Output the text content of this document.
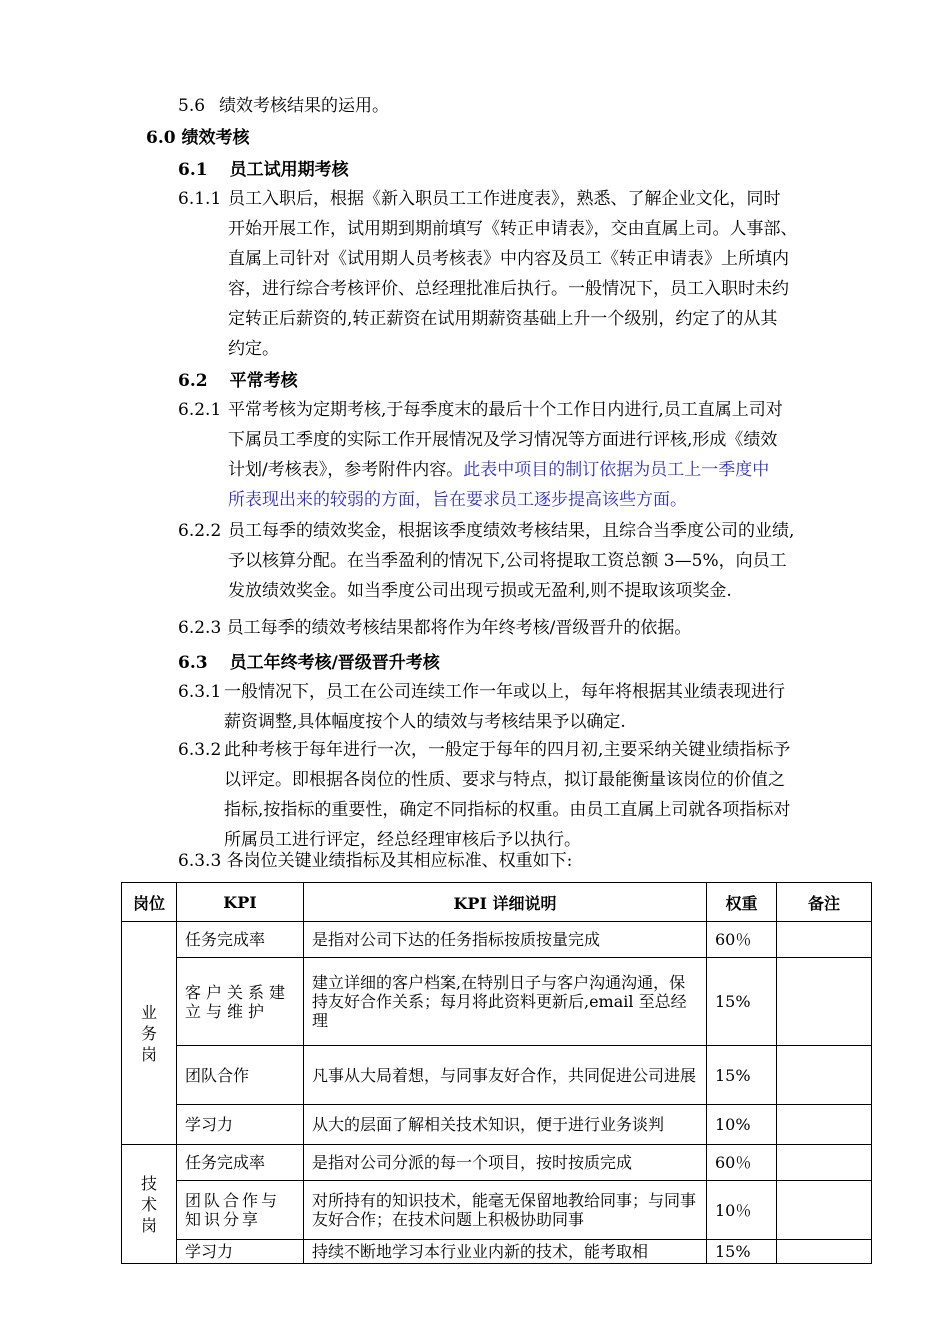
5.6 绩效考核结果的运用。
6.0 绩效考核
6.1 员工试用期考核
6.1.1 员工入职后，根据《新入职员工工作进度表》，熟悉、了解企业文化，同时
开始开展工作，试用期到期前填写《转正申请表》，交由直属上司。人事部、
直属上司针对《试用期人员考核表》中内容及员工《转正申请表》上所填内
容，进行综合考核评价、总经理批准后执行。一般情况下，员工入职时未约
定转正后薪资的,转正薪资在试用期薪资基础上升一个级别，约定了的从其
约定。
6.2 平常考核
6.2.1 平常考核为定期考核,于每季度末的最后十个工作日内进行,员工直属上司对
下属员工季度的实际工作开展情况及学习情况等方面进行评核,形成《绩效
计划/考核表》，参考附件内容。此表中项目的制订依据为员工上一季度中
所表现出来的较弱的方面，旨在要求员工逐步提高该些方面。
6.2.2 员工每季的绩效奖金，根据该季度绩效考核结果，且综合当季度公司的业绩,
予以核算分配。在当季盈利的情况下,公司将提取工资总额 3—5%，向员工
发放绩效奖金。如当季度公司出现亏损或无盈利,则不提取该项奖金.
6.2.3 员工每季的绩效考核结果都将作为年终考核/晋级晋升的依据。
6.3 员工年终考核/晋级晋升考核
6.3.1 一般情况下，员工在公司连续工作一年或以上，每年将根据其业绩表现进行
薪资调整,具体幅度按个人的绩效与考核结果予以确定.
6.3.2 此种考核于每年进行一次，一般定于每年的四月初,主要采纳关键业绩指标予
以评定。即根据各岗位的性质、要求与特点，拟订最能衡量该岗位的价值之
指标,按指标的重要性，确定不同指标的权重。由员工直属上司就各项指标对
所属员工进行评定，经总经理审核后予以执行。
6.3.3 各岗位关键业绩指标及其相应标准、权重如下:
岗位	KPI	KPI 详细说明	权重	备注

业务岗	任务完成率	是指对公司下达的任务指标按质按量完成	60％	
	客户关系建立与维护	建立详细的客户档案,在特别日子与客户沟通沟通，保持友好合作关系；每月将此资料更新后,email 至总经理	15%	
	团队合作	凡事从大局着想，与同事友好合作，共同促进公司进展	15%	
	学习力	从大的层面了解相关技术知识，便于进行业务谈判	10%	

技术岗	任务完成率	是指对公司分派的每一个项目，按时按质完成	60％	
	团队合作与知识分享	对所持有的知识技术，能毫无保留地教给同事；与同事友好合作；在技术问题上积极协助同事	10％	
	学习力	持续不断地学习本行业业内新的技术，能考取相	15%	
